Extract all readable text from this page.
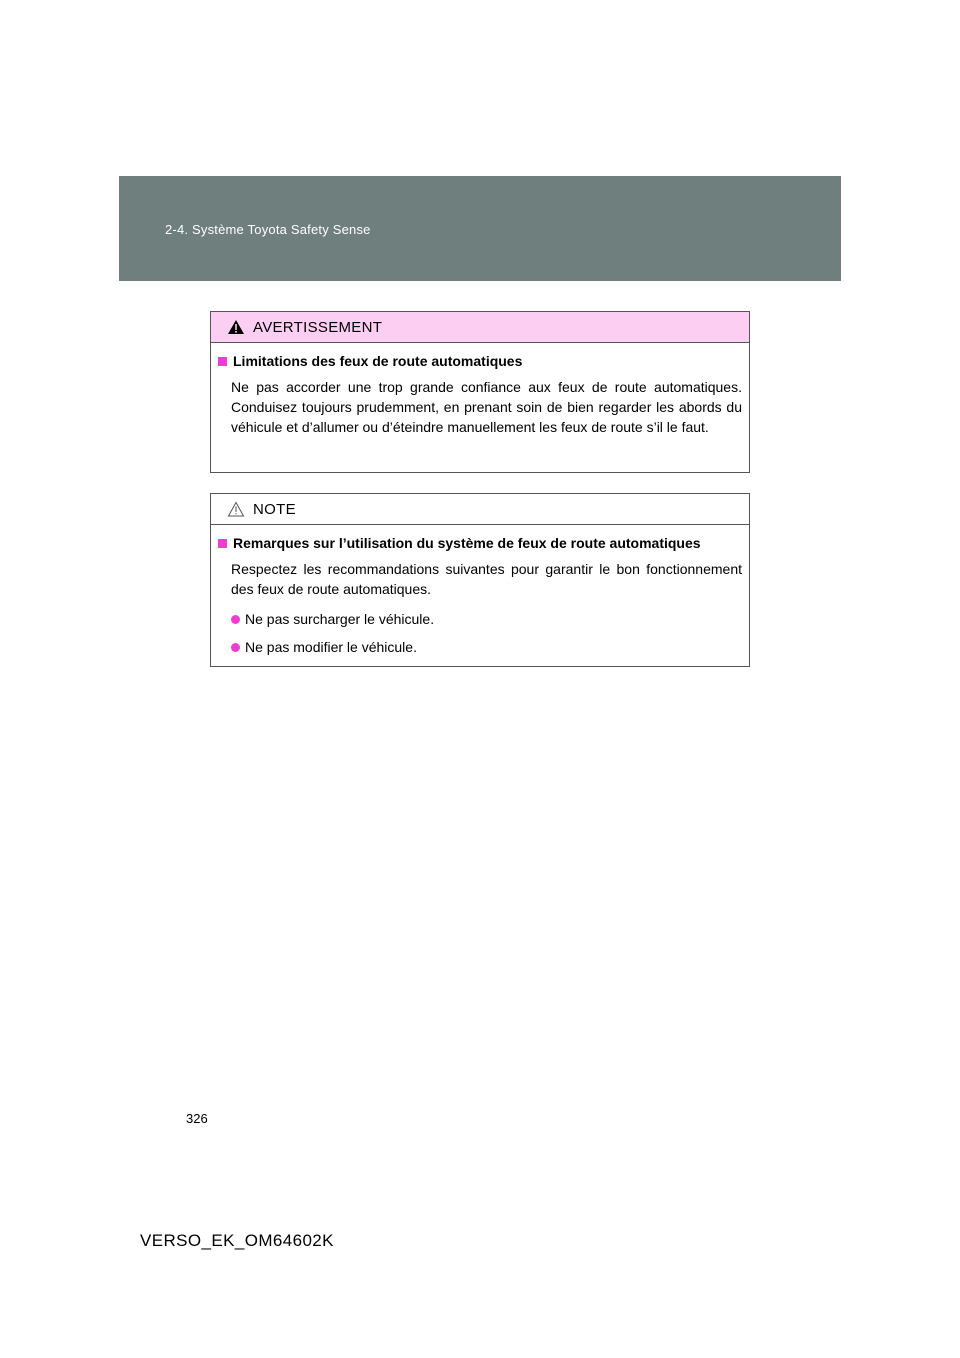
2-4. Système Toyota Safety Sense
AVERTISSEMENT
Limitations des feux de route automatiques
Ne pas accorder une trop grande confiance aux feux de route automatiques. Conduisez toujours prudemment, en prenant soin de bien regarder les abords du véhicule et d’allumer ou d’éteindre manuellement les feux de route s’il le faut.
NOTE
Remarques sur l’utilisation du système de feux de route automatiques
Respectez les recommandations suivantes pour garantir le bon fonctionnement des feux de route automatiques.
Ne pas surcharger le véhicule.
Ne pas modifier le véhicule.
326
VERSO_EK_OM64602K
